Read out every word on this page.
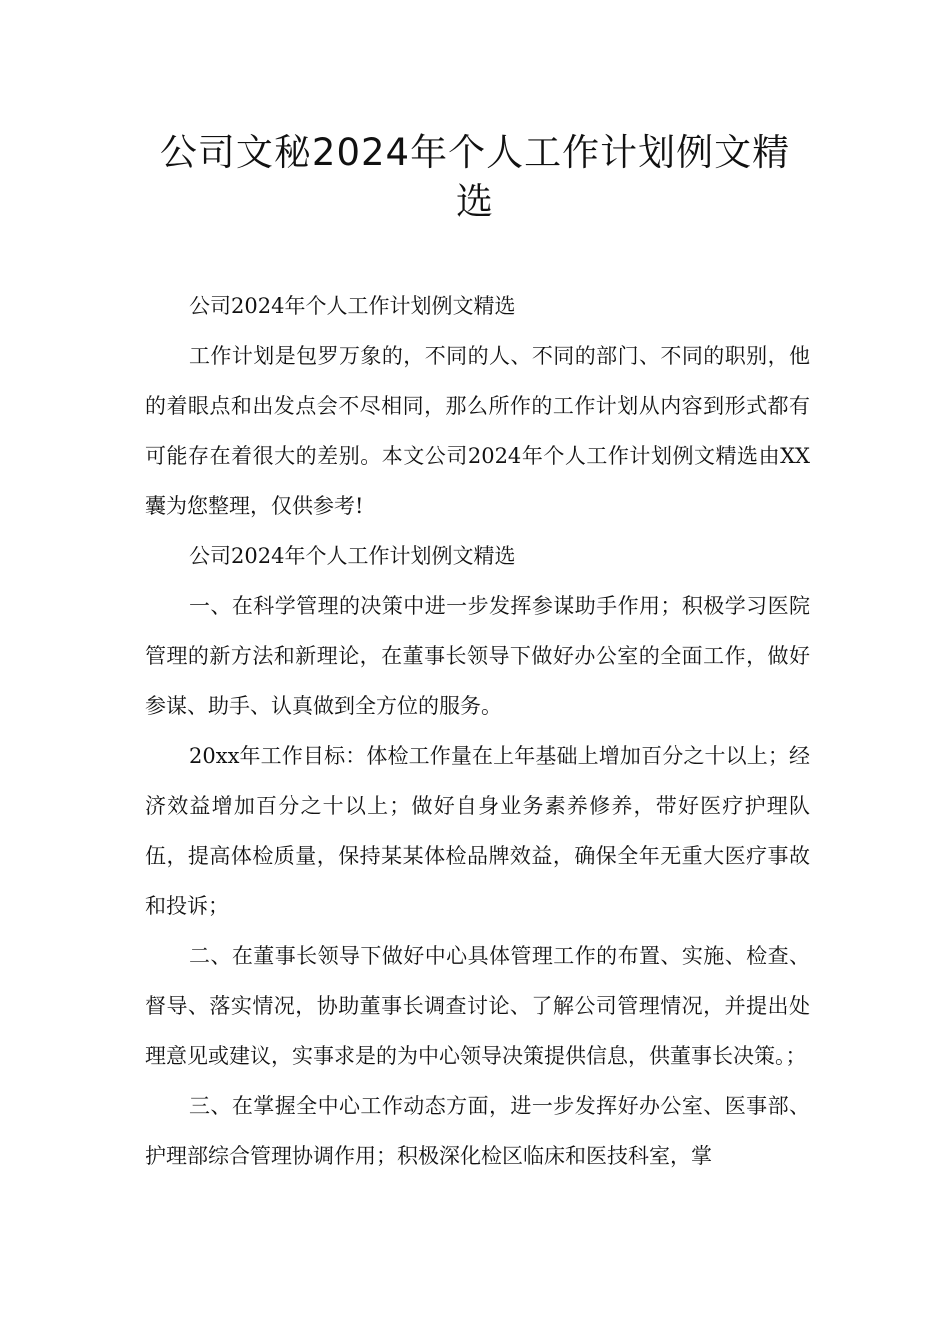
公司文秘2024年个人工作计划例文精选

公司2024年个人工作计划例文精选

工作计划是包罗万象的，不同的人、不同的部门、不同的职别，他的着眼点和出发点会不尽相同，那么所作的工作计划从内容到形式都有可能存在着很大的差别。本文公司2024年个人工作计划例文精选由XX囊为您整理，仅供参考!

公司2024年个人工作计划例文精选

一、在科学管理的决策中进一步发挥参谋助手作用；积极学习医院管理的新方法和新理论，在董事长领导下做好办公室的全面工作，做好参谋、助手、认真做到全方位的服务。

20xx年工作目标：体检工作量在上年基础上增加百分之十以上；经济效益增加百分之十以上；做好自身业务素养修养，带好医疗护理队伍，提高体检质量，保持某某体检品牌效益，确保全年无重大医疗事故和投诉；

二、在董事长领导下做好中心具体管理工作的布置、实施、检查、督导、落实情况，协助董事长调查讨论、了解公司管理情况，并提出处理意见或建议，实事求是的为中心领导决策提供信息，供董事长决策。；

三、在掌握全中心工作动态方面，进一步发挥好办公室、医事部、护理部综合管理协调作用；积极深化检区临床和医技科室，掌
